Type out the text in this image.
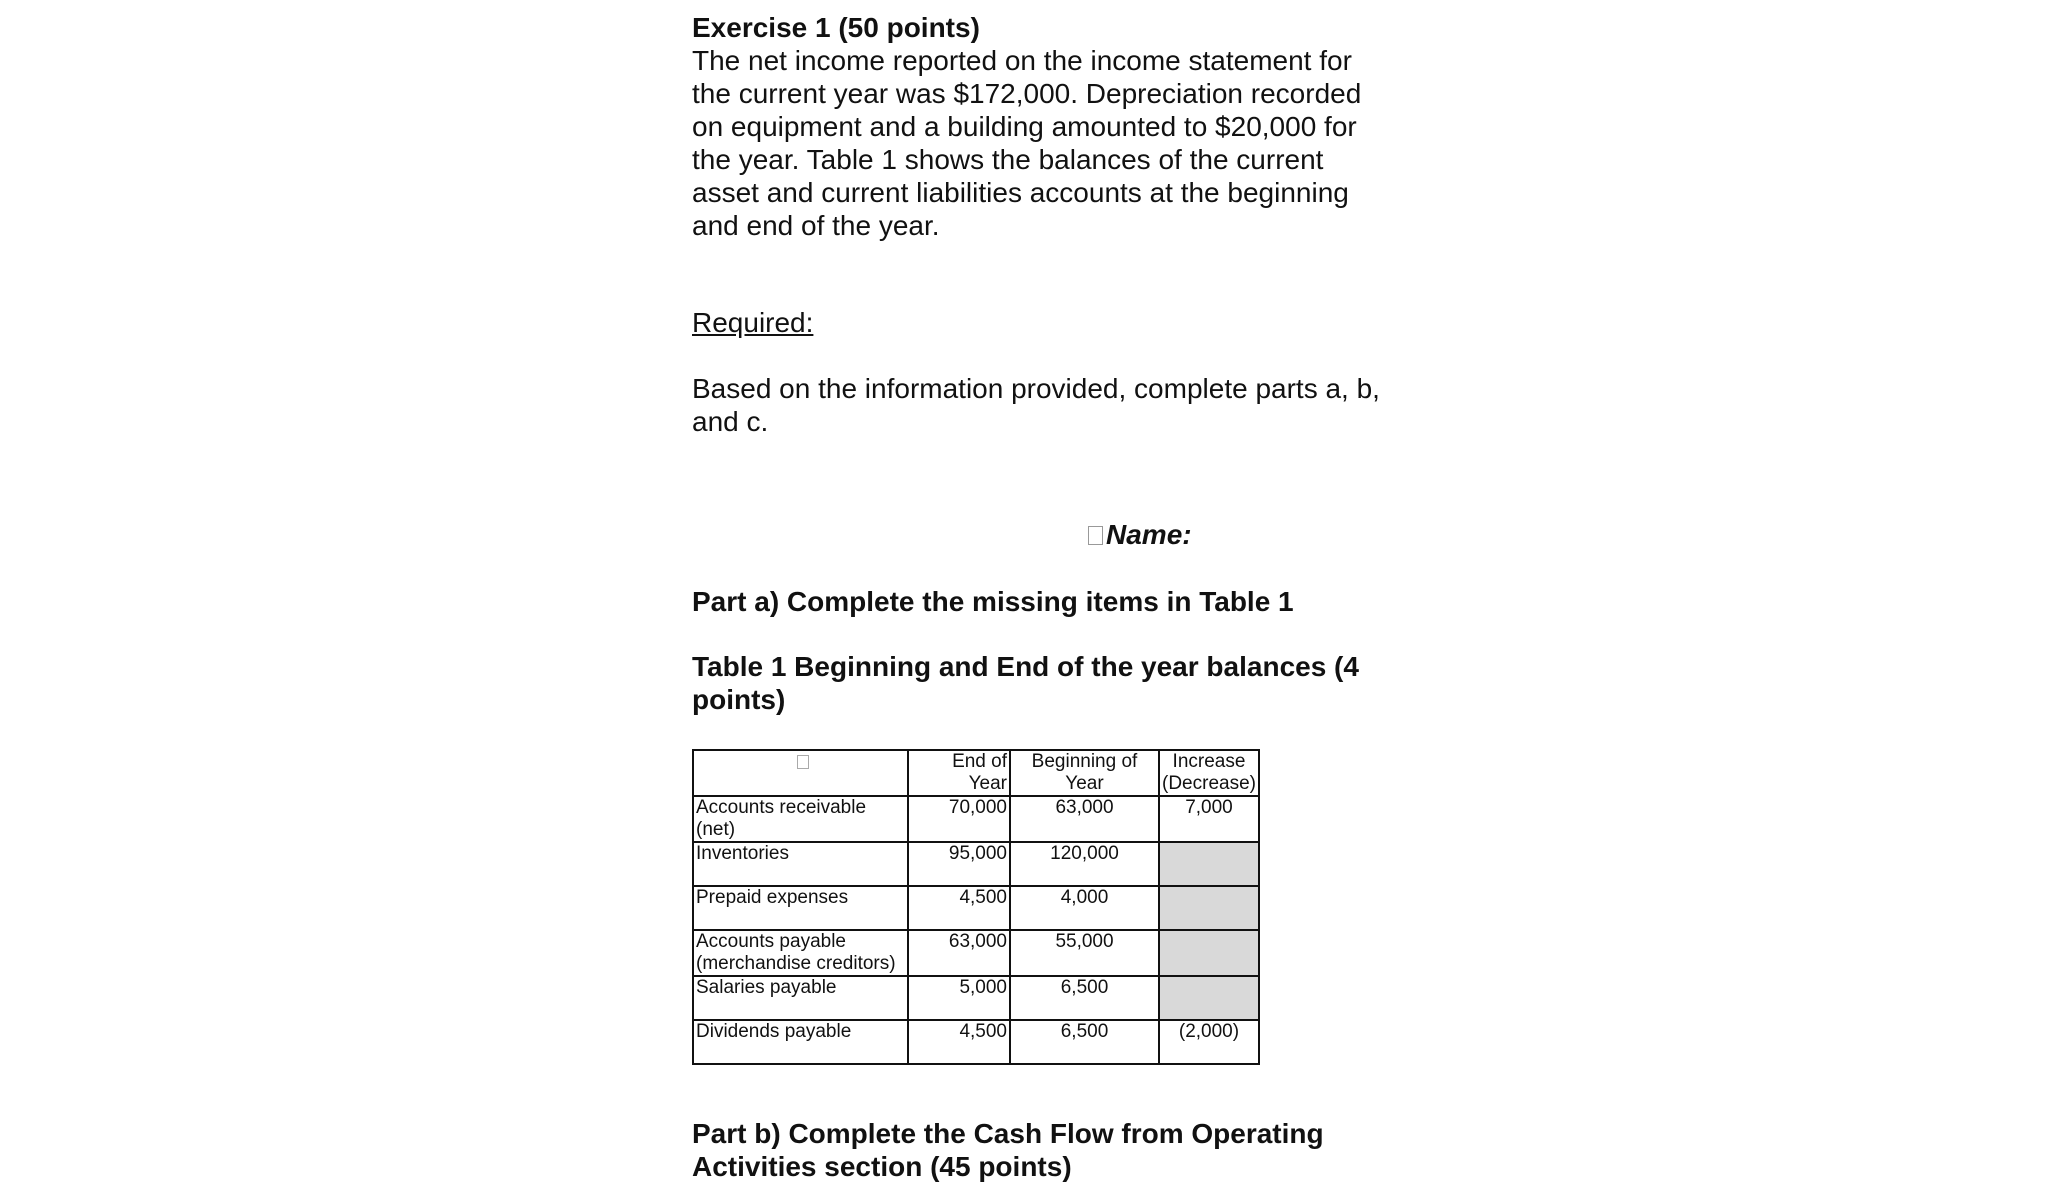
Exercise 1 (50 points)
The net income reported on the income statement for the current year was $172,000. Depreciation recorded on equipment and a building amounted to $20,000 for the year. Table 1 shows the balances of the current asset and current liabilities accounts at the beginning and end of the year.
Required:
Based on the information provided, complete parts a, b, and c.
Name:
Part a) Complete the missing items in Table 1
Table 1 Beginning and End of the year balances (4 points)
	End of Year	Beginning of Year	Increase (Decrease)
Accounts receivable (net)	70,000	63,000	7,000
Inventories	95,000	120,000	
Prepaid expenses	4,500	4,000	
Accounts payable (merchandise creditors)	63,000	55,000	
Salaries payable	5,000	6,500	
Dividends payable	4,500	6,500	(2,000)
Part b) Complete the Cash Flow from Operating Activities section (45 points)
